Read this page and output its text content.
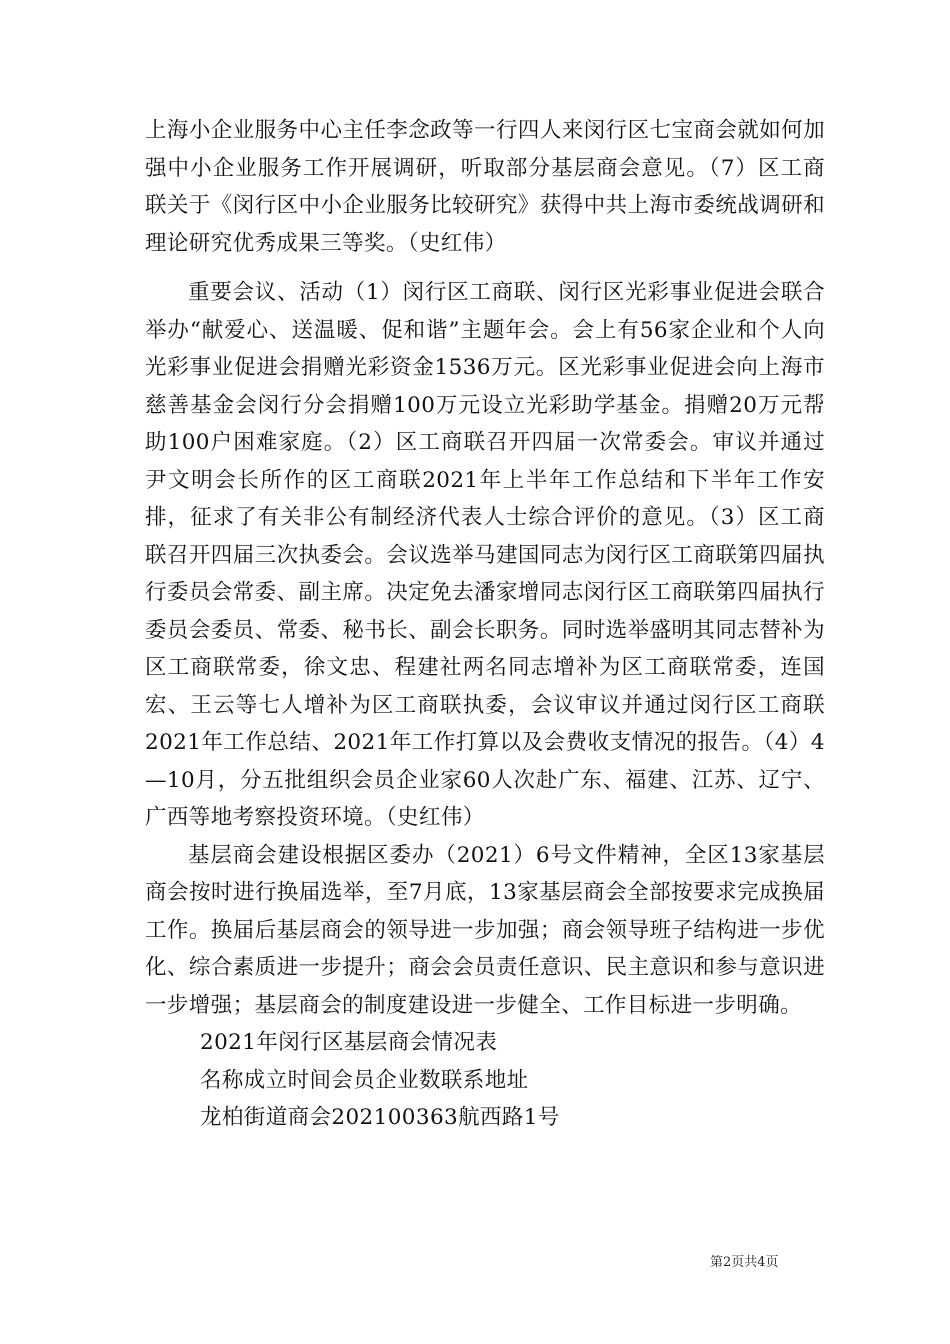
上海小企业服务中心主任李念政等一行四人来闵行区七宝商会就如何加强中小企业服务工作开展调研，听取部分基层商会意见。（7）区工商联关于《闵行区中小企业服务比较研究》获得中共上海市委统战调研和理论研究优秀成果三等奖。（史红伟）

重要会议、活动（1）闵行区工商联、闵行区光彩事业促进会联合举办“献爱心、送温暖、促和谐”主题年会。会上有56家企业和个人向光彩事业促进会捐赠光彩资金1536万元。区光彩事业促进会向上海市慈善基金会闵行分会捐赠100万元设立光彩助学基金。捐赠20万元帮助100户困难家庭。（2）区工商联召开四届一次常委会。审议并通过尹文明会长所作的区工商联2021年上半年工作总结和下半年工作安排，征求了有关非公有制经济代表人士综合评价的意见。（3）区工商联召开四届三次执委会。会议选举马建国同志为闵行区工商联第四届执行委员会常委、副主席。决定免去潘家增同志闵行区工商联第四届执行委员会委员、常委、秘书长、副会长职务。同时选举盛明其同志替补为区工商联常委，徐文忠、程建社两名同志增补为区工商联常委，连国宏、王云等七人增补为区工商联执委，会议审议并通过闵行区工商联2021年工作总结、2021年工作打算以及会费收支情况的报告。（4）4—10月，分五批组织会员企业家60人次赴广东、福建、江苏、辽宁、广西等地考察投资环境。（史红伟）

基层商会建设根据区委办（2021）6号文件精神，全区13家基层商会按时进行换届选举，至7月底，13家基层商会全部按要求完成换届工作。换届后基层商会的领导进一步加强；商会领导班子结构进一步优化、综合素质进一步提升；商会会员责任意识、民主意识和参与意识进一步增强；基层商会的制度建设进一步健全、工作目标进一步明确。

2021年闵行区基层商会情况表

名称成立时间会员企业数联系地址

龙柏街道商会202100363航西路1号

第2页共4页
